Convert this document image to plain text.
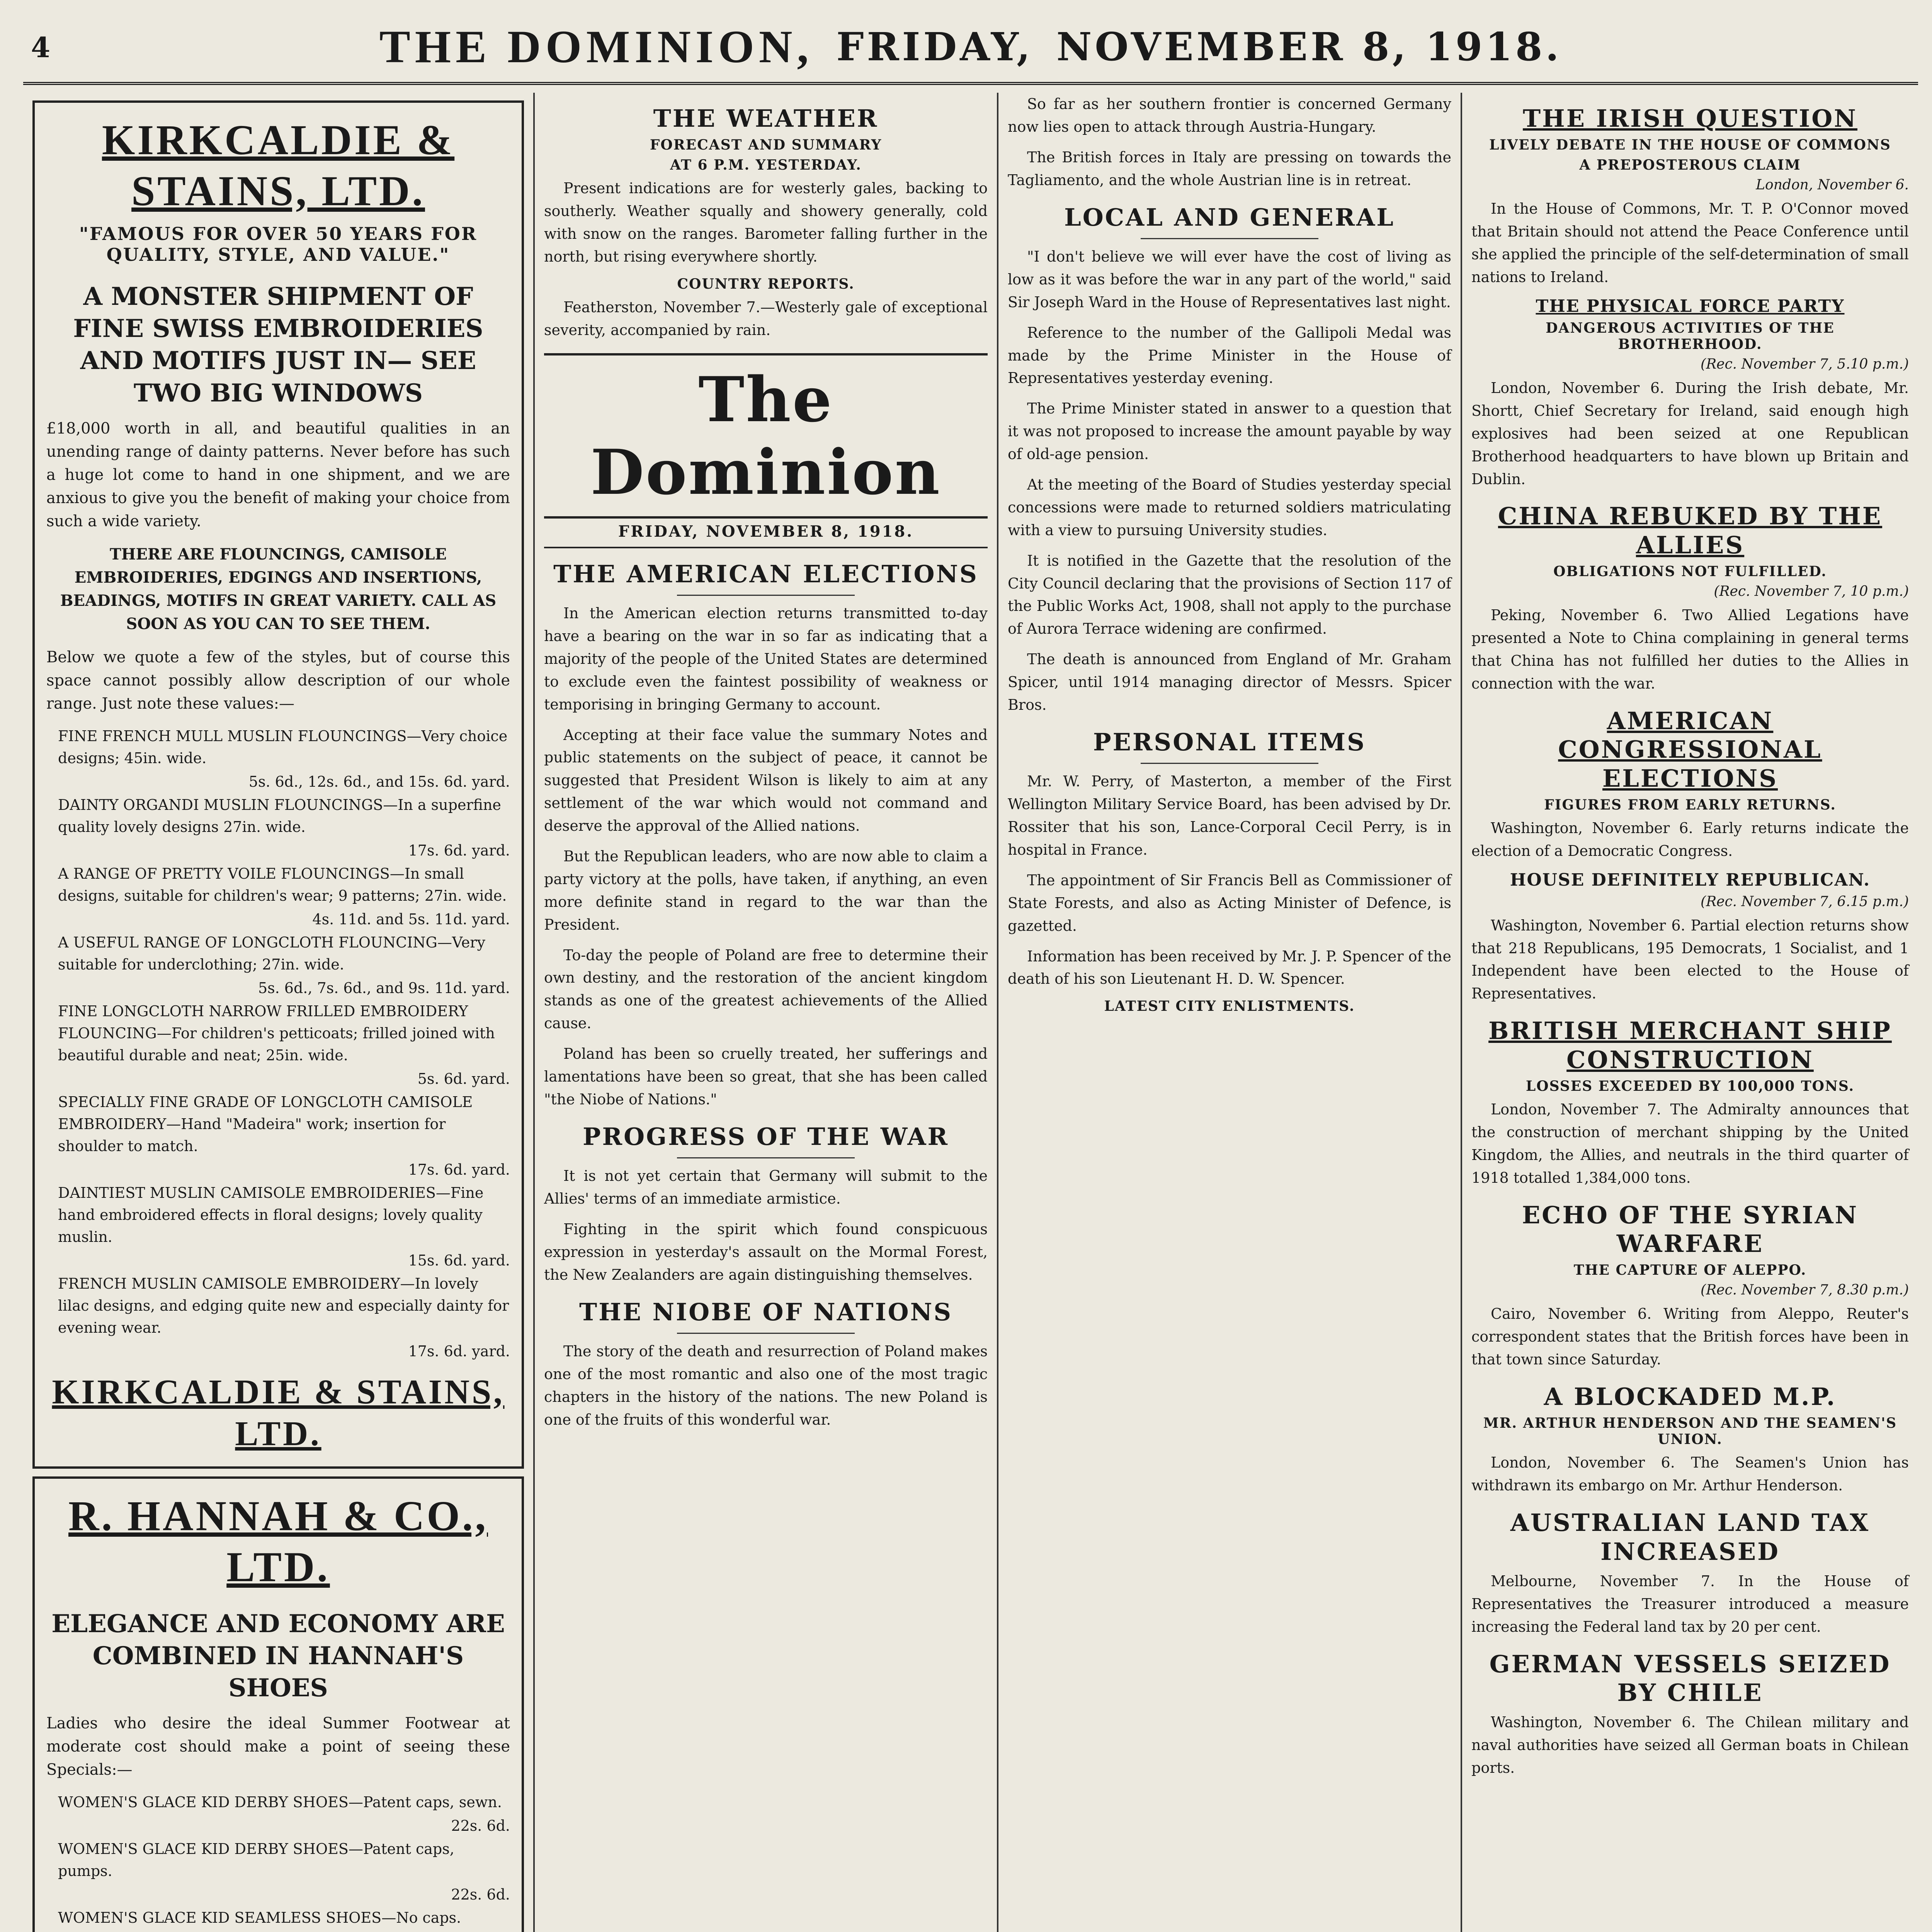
4	THE DOMINION, FRIDAY, NOVEMBER 8, 1918.
KIRKCALDIE & STAINS, LTD.
"FAMOUS FOR OVER 50 YEARS FOR QUALITY, STYLE, AND VALUE."
A MONSTER SHIPMENT OF FINE SWISS EMBROIDERIES AND MOTIFS JUST IN— SEE TWO BIG WINDOWS

£18,000 worth in all, and beautiful qualities in an unending range of dainty patterns. Never before has such a huge lot come to hand in one shipment, and we are anxious to give you the benefit of making your choice from such a wide variety.

THERE ARE FLOUNCINGS, CAMISOLE EMBROIDERIES, EDGINGS AND INSERTIONS, BEADINGS, MOTIFS IN GREAT VARIETY. CALL AS SOON AS YOU CAN TO SEE THEM.

Below we quote a few of the styles, but of course this space cannot possibly allow description of our whole range. Just note these values:—

FINE FRENCH MULL MUSLIN FLOUNCINGS—Very choice designs; 45in. wide.
5s. 6d., 12s. 6d., and 15s. 6d. yard.
DAINTY ORGANDI MUSLIN FLOUNCINGS—In a superfine quality lovely designs 27in. wide.
17s. 6d. yard.
A RANGE OF PRETTY VOILE FLOUNCINGS—In small designs, suitable for children's wear; 9 patterns; 27in. wide.
4s. 11d. and 5s. 11d. yard.
A USEFUL RANGE OF LONGCLOTH FLOUNCING—Very suitable for underclothing; 27in. wide.
5s. 6d., 7s. 6d., and 9s. 11d. yard.
FINE LONGCLOTH NARROW FRILLED EMBROIDERY FLOUNCING—For children's petticoats; frilled joined with beautiful durable and neat; 25in. wide.
5s. 6d. yard.
SPECIALLY FINE GRADE OF LONGCLOTH CAMISOLE EMBROIDERY—Hand "Madeira" work; insertion for shoulder to match.
17s. 6d. yard.
DAINTIEST MUSLIN CAMISOLE EMBROIDERIES—Fine hand embroidered effects in floral designs; lovely quality muslin.
15s. 6d. yard.
FRENCH MUSLIN CAMISOLE EMBROIDERY—In lovely lilac designs, and edging quite new and especially dainty for evening wear.
17s. 6d. yard.
KIRKCALDIE & STAINS, LTD.
R. HANNAH & CO., LTD.
ELEGANCE AND ECONOMY ARE COMBINED IN HANNAH'S SHOES

Ladies who desire the ideal Summer Footwear at moderate cost should make a point of seeing these Specials:—

WOMEN'S GLACE KID DERBY SHOES—Patent caps, sewn.
22s. 6d.
WOMEN'S GLACE KID DERBY SHOES—Patent caps, pumps.
22s. 6d.
WOMEN'S GLACE KID SEAMLESS SHOES—No caps.

THE WEATHER
FORECAST AND SUMMARY
AT 6 P.M. YESTERDAY.

Present indications are for westerly gales, backing to southerly. Weather squally and showery generally, cold with snow on the ranges. Barometer falling further in the north, but rising everywhere shortly.

COUNTRY REPORTS.

Featherston, November 7.—Westerly gale of exceptional severity, accompanied by rain.

The Dominion
FRIDAY, NOVEMBER 8, 1918.
THE AMERICAN ELECTIONS

In the American election returns transmitted to-day have a bearing on the war in so far as indicating that a majority of the people of the United States are determined to exclude even the faintest possibility of weakness or temporising in bringing Germany to account.

Accepting at their face value the summary Notes and public statements on the subject of peace, it cannot be suggested that President Wilson is likely to aim at any settlement of the war which would not command and deserve the approval of the Allied nations.

But the Republican leaders, who are now able to claim a party victory at the polls, have taken, if anything, an even more definite stand in regard to the war than the President.

To-day the people of Poland are free to determine their own destiny, and the restoration of the ancient kingdom stands as one of the greatest achievements of the Allied cause.

Poland has been so cruelly treated, her sufferings and lamentations have been so great, that she has been called "the Niobe of Nations."

PROGRESS OF THE WAR

It is not yet certain that Germany will submit to the Allies' terms of an immediate armistice.

Fighting in the spirit which found conspicuous expression in yesterday's assault on the Mormal Forest, the New Zealanders are again distinguishing themselves.

THE NIOBE OF NATIONS

The story of the death and resurrection of Poland makes one of the most romantic and also one of the most tragic chapters in the history of the nations. The new Poland is one of the fruits of this wonderful war.

So far as her southern frontier is concerned Germany now lies open to attack through Austria-Hungary.

The British forces in Italy are pressing on towards the Tagliamento, and the whole Austrian line is in retreat.

LOCAL AND GENERAL

"I don't believe we will ever have the cost of living as low as it was before the war in any part of the world," said Sir Joseph Ward in the House of Representatives last night.

Reference to the number of the Gallipoli Medal was made by the Prime Minister in the House of Representatives yesterday evening.

The Prime Minister stated in answer to a question that it was not proposed to increase the amount payable by way of old-age pension.

At the meeting of the Board of Studies yesterday special concessions were made to returned soldiers matriculating with a view to pursuing University studies.

It is notified in the Gazette that the resolution of the City Council declaring that the provisions of Section 117 of the Public Works Act, 1908, shall not apply to the purchase of Aurora Terrace widening are confirmed.

The death is announced from England of Mr. Graham Spicer, until 1914 managing director of Messrs. Spicer Bros.

PERSONAL ITEMS

Mr. W. Perry, of Masterton, a member of the First Wellington Military Service Board, has been advised by Dr. Rossiter that his son, Lance-Corporal Cecil Perry, is in hospital in France.

The appointment of Sir Francis Bell as Commissioner of State Forests, and also as Acting Minister of Defence, is gazetted.

Information has been received by Mr. J. P. Spencer of the death of his son Lieutenant H. D. W. Spencer.

LATEST CITY ENLISTMENTS.
THE IRISH QUESTION
LIVELY DEBATE IN THE HOUSE OF COMMONS
A PREPOSTEROUS CLAIM
London, November 6.

In the House of Commons, Mr. T. P. O'Connor moved that Britain should not attend the Peace Conference until she applied the principle of the self-determination of small nations to Ireland.

THE PHYSICAL FORCE PARTY
DANGEROUS ACTIVITIES OF THE BROTHERHOOD.
(Rec. November 7, 5.10 p.m.)

London, November 6. During the Irish debate, Mr. Shortt, Chief Secretary for Ireland, said enough high explosives had been seized at one Republican Brotherhood headquarters to have blown up Britain and Dublin.

CHINA REBUKED BY THE ALLIES
OBLIGATIONS NOT FULFILLED.
(Rec. November 7, 10 p.m.)

Peking, November 6. Two Allied Legations have presented a Note to China complaining in general terms that China has not fulfilled her duties to the Allies in connection with the war.

AMERICAN CONGRESSIONAL ELECTIONS
FIGURES FROM EARLY RETURNS.

Washington, November 6. Early returns indicate the election of a Democratic Congress.

HOUSE DEFINITELY REPUBLICAN.
(Rec. November 7, 6.15 p.m.)

Washington, November 6. Partial election returns show that 218 Republicans, 195 Democrats, 1 Socialist, and 1 Independent have been elected to the House of Representatives.

BRITISH MERCHANT SHIP CONSTRUCTION
LOSSES EXCEEDED BY 100,000 TONS.

London, November 7. The Admiralty announces that the construction of merchant shipping by the United Kingdom, the Allies, and neutrals in the third quarter of 1918 totalled 1,384,000 tons.

ECHO OF THE SYRIAN WARFARE
THE CAPTURE OF ALEPPO.
(Rec. November 7, 8.30 p.m.)

Cairo, November 6. Writing from Aleppo, Reuter's correspondent states that the British forces have been in that town since Saturday.

A BLOCKADED M.P.
MR. ARTHUR HENDERSON AND THE SEAMEN'S UNION.

London, November 6. The Seamen's Union has withdrawn its embargo on Mr. Arthur Henderson.

AUSTRALIAN LAND TAX INCREASED

Melbourne, November 7. In the House of Representatives the Treasurer introduced a measure increasing the Federal land tax by 20 per cent.

GERMAN VESSELS SEIZED BY CHILE

Washington, November 6. The Chilean military and naval authorities have seized all German boats in Chilean ports.
